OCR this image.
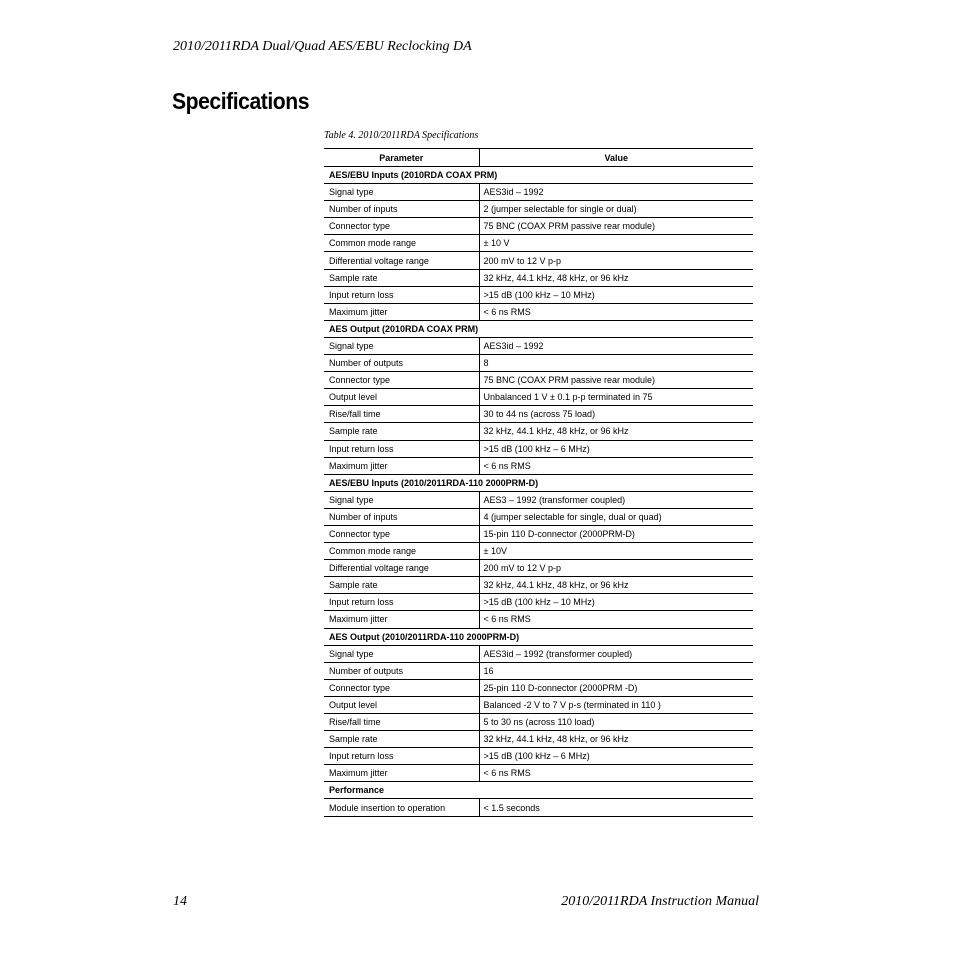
2010/2011RDA Dual/Quad AES/EBU Reclocking DA
Specifications
Table 4. 2010/2011RDA Specifications
Parameter	Value
AES/EBU Inputs (2010RDA COAX PRM)	
Signal type	AES3id – 1992
Number of inputs	2 (jumper selectable for single or dual)
Connector type	75 BNC (COAX PRM passive rear module)
Common mode range	± 10 V
Differential voltage range	200 mV to 12 V p-p
Sample rate	32 kHz, 44.1 kHz, 48 kHz, or 96 kHz
Input return loss	>15 dB (100 kHz – 10 MHz)
Maximum jitter	< 6 ns RMS
AES Output (2010RDA COAX PRM)	
Signal type	AES3id – 1992
Number of outputs	8
Connector type	75 BNC (COAX PRM passive rear module)
Output level	Unbalanced 1 V ± 0.1 p-p terminated in 75
Rise/fall time	30 to 44 ns (across 75 load)
Sample rate	32 kHz, 44.1 kHz, 48 kHz, or 96 kHz
Input return loss	>15 dB (100 kHz – 6 MHz)
Maximum jitter	< 6 ns RMS
AES/EBU Inputs (2010/2011RDA-110 2000PRM-D)	
Signal type	AES3 – 1992 (transformer coupled)
Number of inputs	4 (jumper selectable for single, dual or quad)
Connector type	15-pin 110 D-connector (2000PRM-D)
Common mode range	± 10V
Differential voltage range	200 mV to 12 V p-p
Sample rate	32 kHz, 44.1 kHz, 48 kHz, or 96 kHz
Input return loss	>15 dB (100 kHz – 10 MHz)
Maximum jitter	< 6 ns RMS
AES Output (2010/2011RDA-110 2000PRM-D)	
Signal type	AES3id – 1992 (transformer coupled)
Number of outputs	16
Connector type	25-pin 110 D-connector (2000PRM -D)
Output level	Balanced -2 V to 7 V p-s (terminated in 110 )
Rise/fall time	5 to 30 ns (across 110 load)
Sample rate	32 kHz, 44.1 kHz, 48 kHz, or 96 kHz
Input return loss	>15 dB (100 kHz – 6 MHz)
Maximum jitter	< 6 ns RMS
Performance	
Module insertion to operation	< 1.5 seconds
14	2010/2011RDA Instruction Manual
